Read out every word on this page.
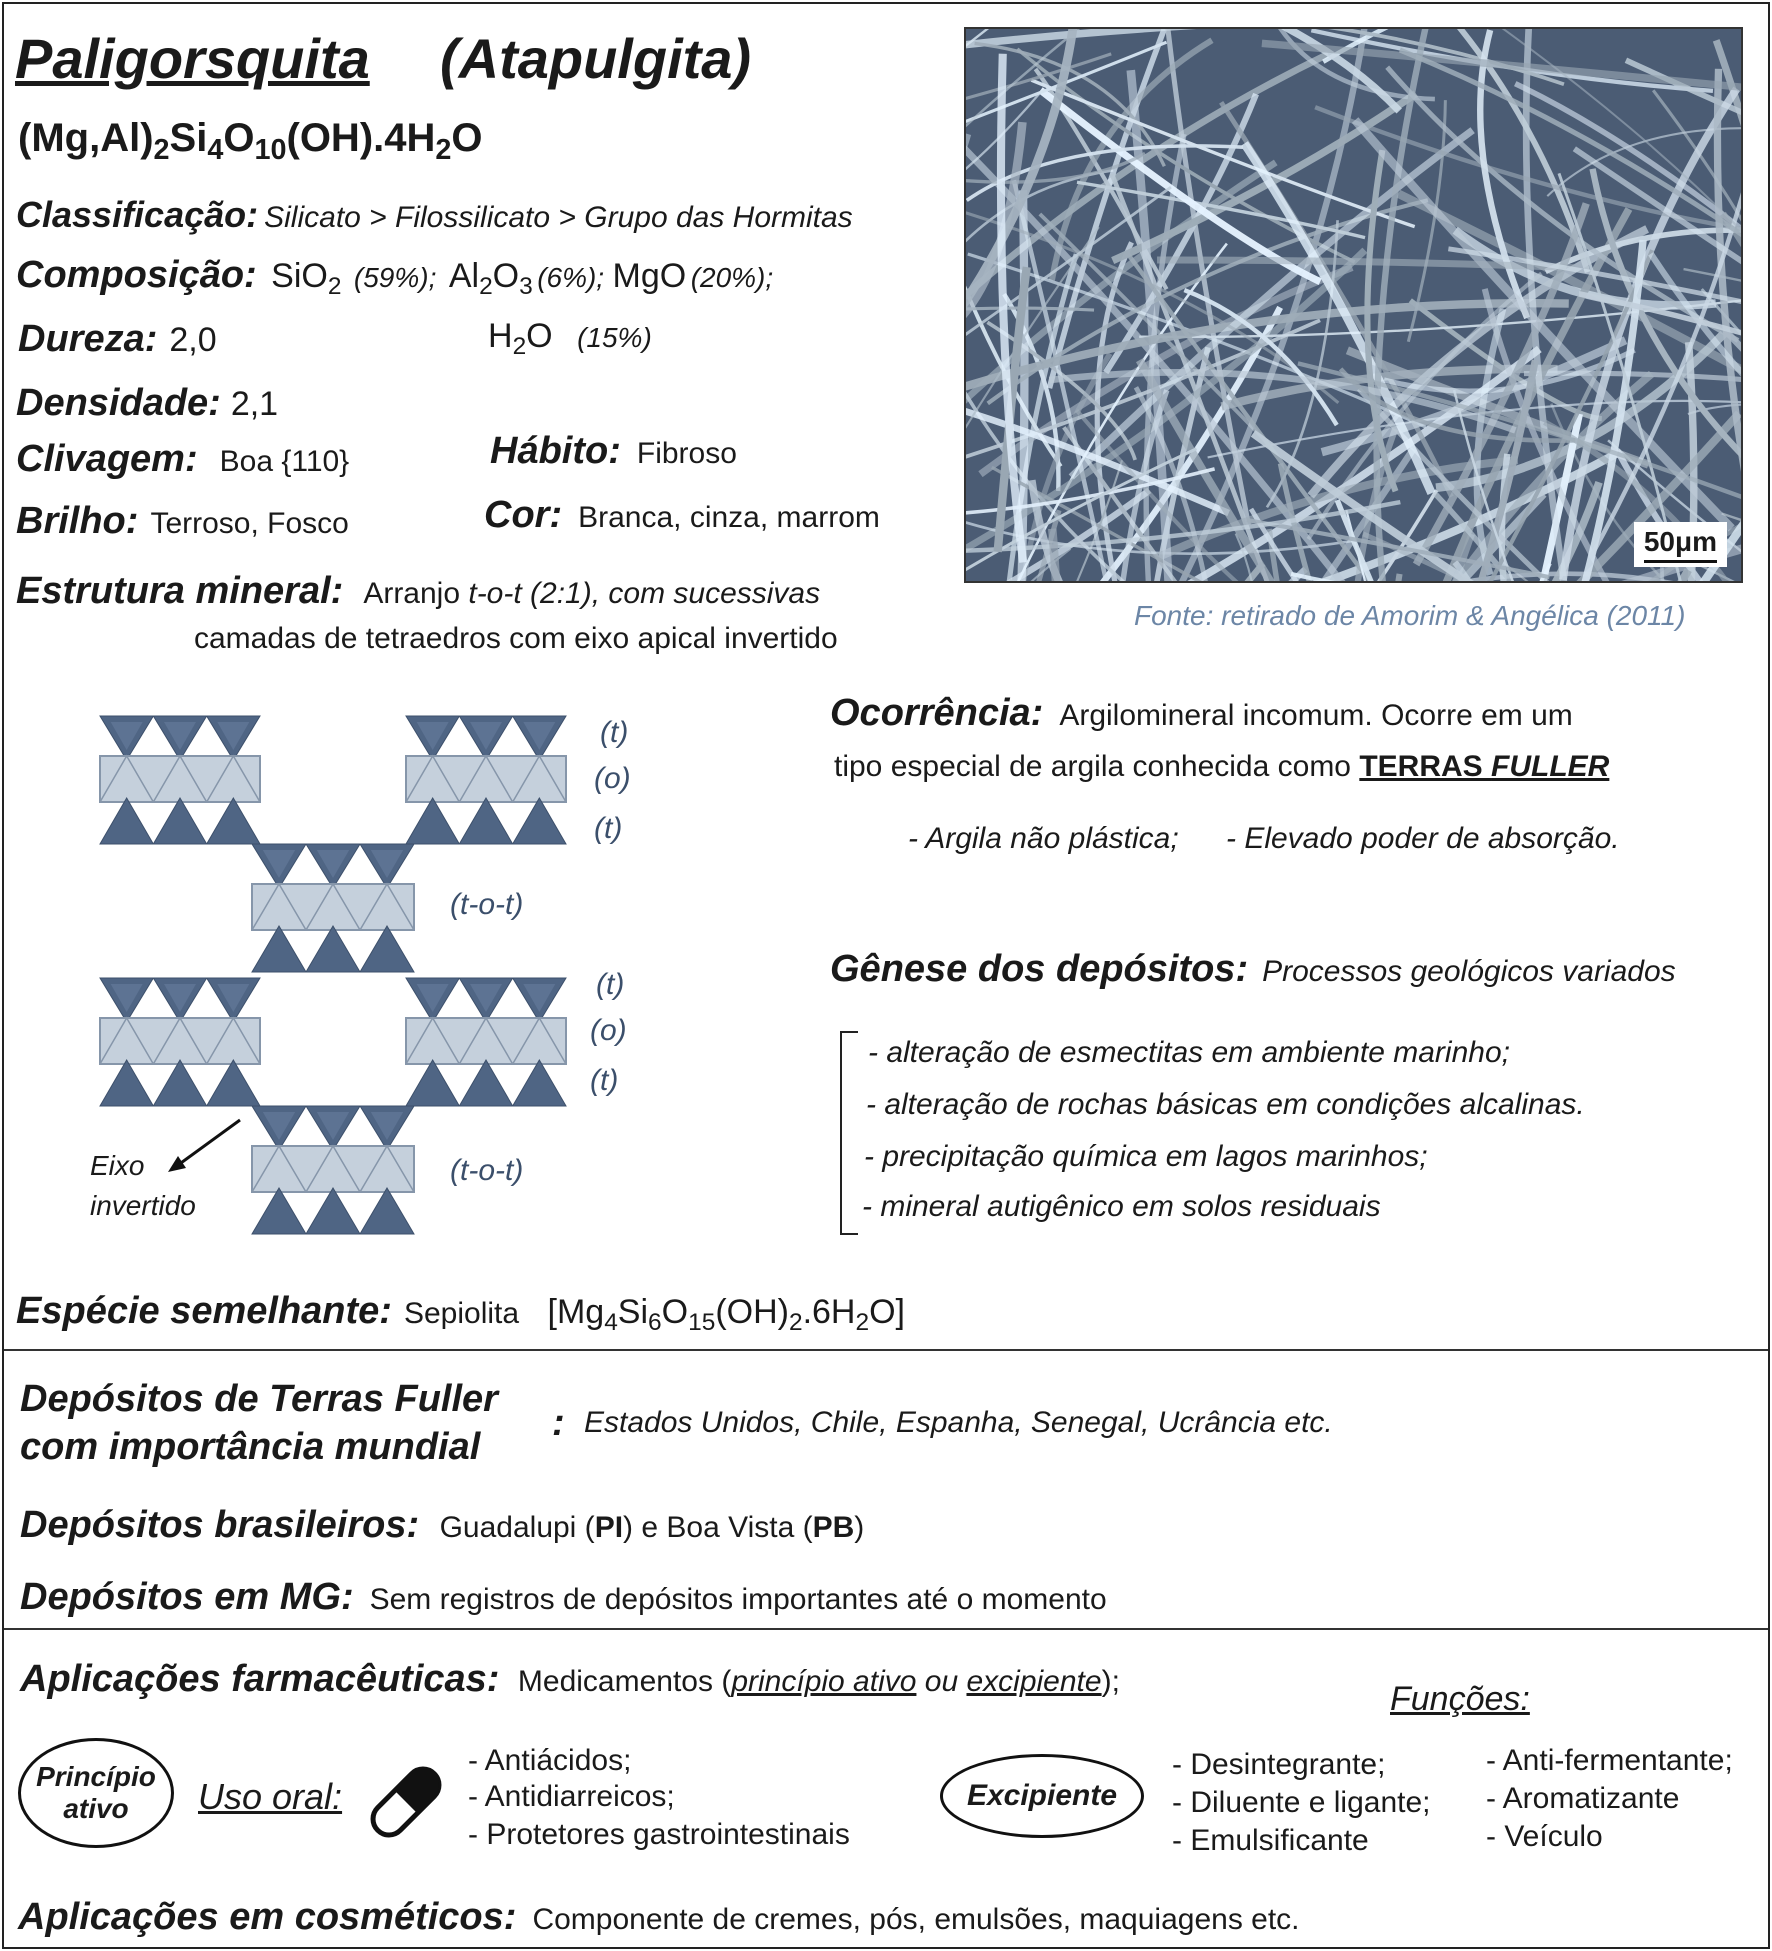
Paligorsquita (Atapulgita)
$(Mg,Al)_2Si_4O_{10}(OH).4H_2O$
Classificação: Silicato > Filossilicato > Grupo das Hormitas
Composição: SiO$_2$ (59%); $Al_2O_3$ (6%); MgO (20%);
$H_2O$ (15%)
Dureza: 2,0
Densidade: 2,1
Clivagem: Boa {110}	Hábito: Fibroso
Brilho: Terroso, Fosco	Cor: Branca, cinza, marrom
Estrutura mineral: Arranjo t-o-t (2:1), com sucessivas
camadas de tetraedros com eixo apical invertido
50μm
Fonte: retirado de Amorim & Angélica (2011)
(t)
(o)
(t)
(t-o-t)
(t)
(o)
(t)
(t-o-t)
Eixo
invertido
Ocorrência: Argilomineral incomum. Ocorre em um
tipo especial de argila conhecida como TERRAS FULLER
- Argila não plástica; - Elevado poder de absorção.
Gênese dos depósitos: Processos geológicos variados
- alteração de esmectitas em ambiente marinho;
- alteração de rochas básicas em condições alcalinas.
- precipitação química em lagos marinhos;
- mineral autigênico em solos residuais
Espécie semelhante: Sepiolita $[Mg_4Si_6O_{15}(OH)_2.6H_2O]$
Depósitos de Terras Fuller
com importância mundial
: Estados Unidos, Chile, Espanha, Senegal, Ucrância etc.
Depósitos brasileiros: Guadalupi (PI) e Boa Vista (PB)
Depósitos em MG: Sem registros de depósitos importantes até o momento
Aplicações farmacêuticas: Medicamentos (princípio ativo ou excipiente);	Funções:
Princípio
ativo	Uso oral:
- Antiácidos;
- Antidiarreicos;
- Protetores gastrointestinais
Excipiente
- Desintegrante;
- Diluente e ligante;
- Emulsificante
- Anti-fermentante;
- Aromatizante
- Veículo
Aplicações em cosméticos: Componente de cremes, pós, emulsões, maquiagens etc.
